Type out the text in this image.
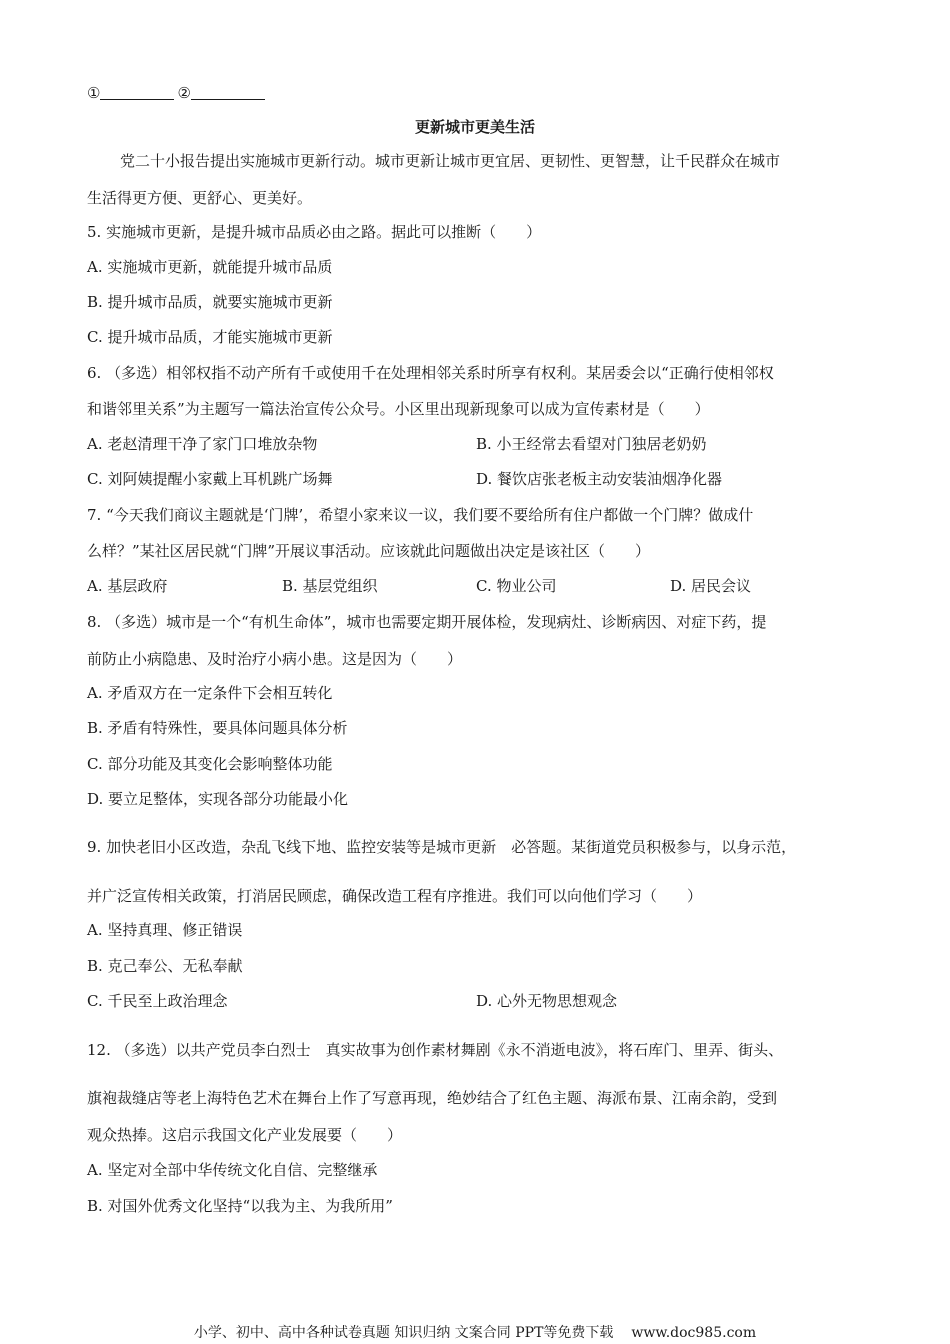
①	②
更新城市更美生活
党二十小报告提出实施城市更新行动。城市更新让城市更宜居、更韧性、更智慧，让千民群众在城市
生活得更方便、更舒心、更美好。
5. 实施城市更新，是提升城市品质必由之路。据此可以推断（　　）
A. 实施城市更新，就能提升城市品质
B. 提升城市品质，就要实施城市更新
C. 提升城市品质，才能实施城市更新
6. （多选）相邻权指不动产所有千或使用千在处理相邻关系时所享有权利。某居委会以“正确行使相邻权
和谐邻里关系”为主题写一篇法治宣传公众号。小区里出现新现象可以成为宣传素材是（　　）
A. 老赵清理干净了家门口堆放杂物	B. 小王经常去看望对门独居老奶奶
C. 刘阿姨提醒小家戴上耳机跳广场舞	D. 餐饮店张老板主动安装油烟净化器
7. “今天我们商议主题就是‘门牌’，希望小家来议一议，我们要不要给所有住户都做一个门牌？做成什
么样？”某社区居民就“门牌”开展议事活动。应该就此问题做出决定是该社区（　　）
A. 基层政府	B. 基层党组织	C. 物业公司	D. 居民会议
8. （多选）城市是一个“有机生命体”，城市也需要定期开展体检，发现病灶、诊断病因、对症下药，提
前防止小病隐患、及时治疗小病小患。这是因为（　　）
A. 矛盾双方在一定条件下会相互转化
B. 矛盾有特殊性，要具体问题具体分析
C. 部分功能及其变化会影响整体功能
D. 要立足整体，实现各部分功能最小化
9. 加快老旧小区改造，杂乱飞线下地、监控安装等是城市更新　必答题。某街道党员积极参与，以身示范，
并广泛宣传相关政策，打消居民顾虑，确保改造工程有序推进。我们可以向他们学习（　　）
A. 坚持真理、修正错误
B. 克己奉公、无私奉献
C. 千民至上政治理念	D. 心外无物思想观念
12. （多选）以共产党员李白烈士　真实故事为创作素材舞剧《永不消逝电波》，将石库门、里弄、街头、
旗袍裁缝店等老上海特色艺术在舞台上作了写意再现，绝妙结合了红色主题、海派布景、江南余韵，受到
观众热捧。这启示我国文化产业发展要（　　）
A. 坚定对全部中华传统文化自信、完整继承
B. 对国外优秀文化坚持“以我为主、为我所用”
小学、初中、高中各种试卷真题 知识归纳 文案合同 PPT等免费下载 www.doc985.com
